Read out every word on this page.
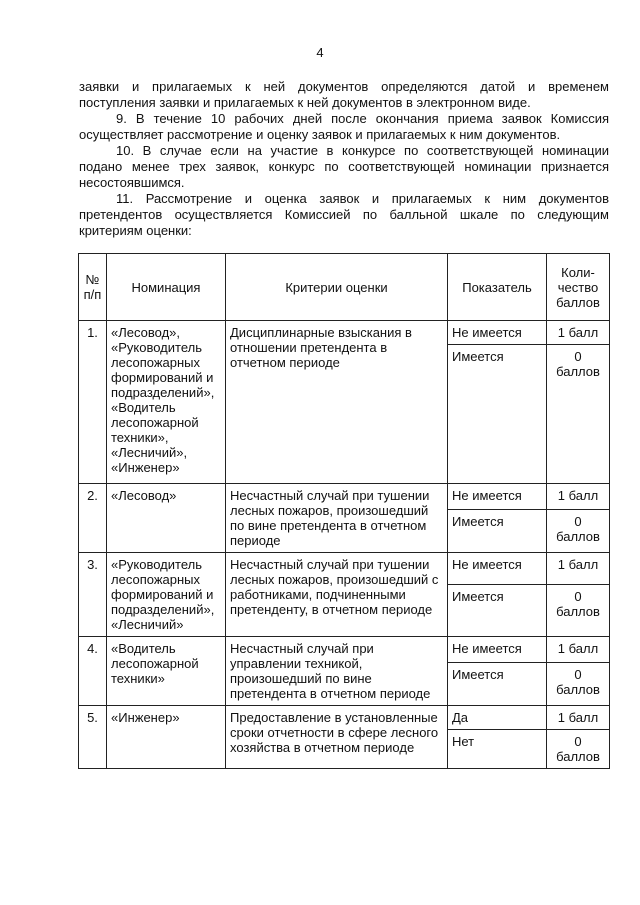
4

заявки и прилагаемых к ней документов определяются датой и временем
поступления заявки и прилагаемых к ней документов в электронном виде.

9. В течение 10 рабочих дней после окончания приема заявок Комиссия
осуществляет рассмотрение и оценку заявок и прилагаемых к ним документов.

10. В случае если на участие в конкурсе по соответствующей номинации
подано менее трех заявок, конкурс по соответствующей номинации признается
несостоявшимся.

11. Рассмотрение и оценка заявок и прилагаемых к ним документов
претендентов осуществляется Комиссией по балльной шкале по следующим
критериям оценки:

№ п/п	Номинация	Критерии оценки	Показатель	Коли- чество баллов
1.	«Лесовод», «Руководитель лесопожарных формирований и подразделений», «Водитель лесопожарной техники», «Лесничий», «Инженер»	Дисциплинарные взыскания в отношении претендента в отчетном периоде	Не имеется	1 балл
			Имеется	0 баллов
2.	«Лесовод»	Несчастный случай при тушении лесных пожаров, произошедший по вине претендента в отчетном периоде	Не имеется	1 балл
			Имеется	0 баллов
3.	«Руководитель лесопожарных формирований и подразделений», «Лесничий»	Несчастный случай при тушении лесных пожаров, произошедший с работниками, подчиненными претенденту, в отчетном периоде	Не имеется	1 балл
			Имеется	0 баллов
4.	«Водитель лесопожарной техники»	Несчастный случай при управлении техникой, произошедший по вине претендента в отчетном периоде	Не имеется	1 балл
			Имеется	0 баллов
5.	«Инженер»	Предоставление в установленные сроки отчетности в сфере лесного хозяйства в отчетном периоде	Да	1 балл
			Нет	0 баллов
